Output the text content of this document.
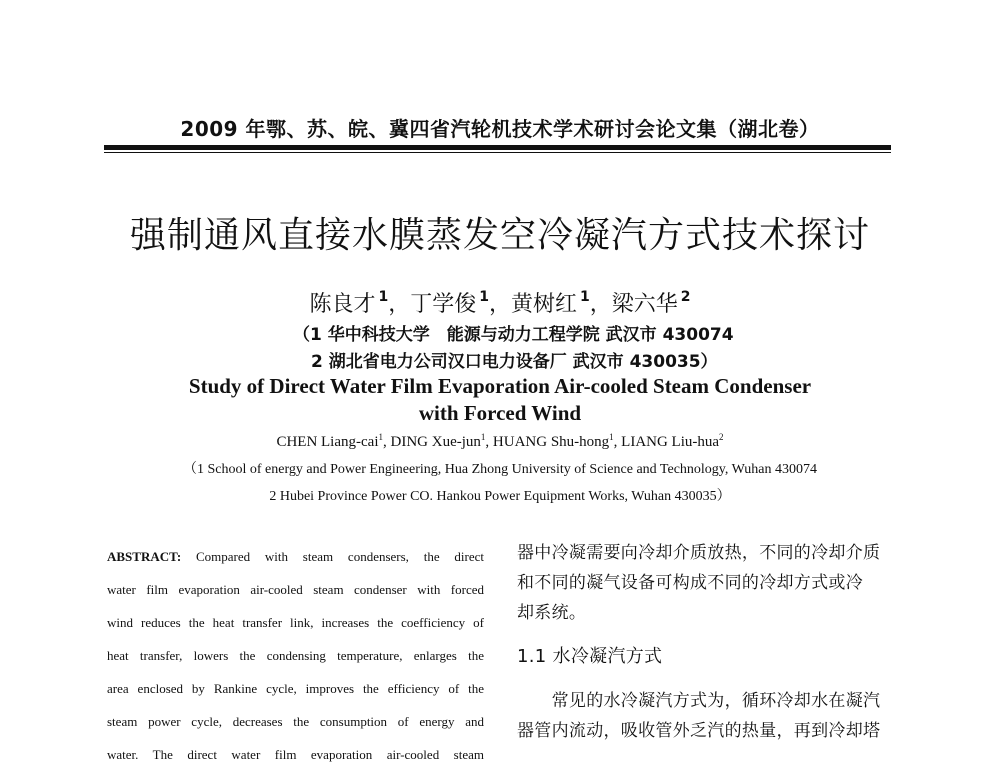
2009 年鄂、苏、皖、冀四省汽轮机技术学术研讨会论文集（湖北卷）
强制通风直接水膜蒸发空冷凝汽方式技术探讨
陈良才 $^1$，丁学俊 $^1$，黄树红 $^1$，梁六华 $^2$
（1 华中科技大学　能源与动力工程学院 武汉市 430074
2 湖北省电力公司汉口电力设备厂 武汉市 430035）
Study of Direct Water Film Evaporation Air-cooled Steam Condenser
with Forced Wind
CHEN Liang-cai$^1$, DING Xue-jun$^1$, HUANG Shu-hong$^1$, LIANG Liu-hua$^2$
（1 School of energy and Power Engineering, Hua Zhong University of Science and Technology, Wuhan 430074
2 Hubei Province Power CO. Hankou Power Equipment Works, Wuhan 430035）
ABSTRACT: Compared with steam condensers, the direct
water film evaporation air-cooled steam condenser with forced
wind reduces the heat transfer link, increases the coefficiency of
heat transfer, lowers the condensing temperature, enlarges the
area enclosed by Rankine cycle, improves the efficiency of the
steam power cycle, decreases the consumption of energy and
water. The direct water film evaporation air-cooled steam
器中冷凝需要向冷却介质放热，不同的冷却介质
和不同的凝气设备可构成不同的冷却方式或冷
却系统。
1.1 水冷凝汽方式
　　常见的水冷凝汽方式为，循环冷却水在凝汽
器管内流动，吸收管外乏汽的热量，再到冷却塔
